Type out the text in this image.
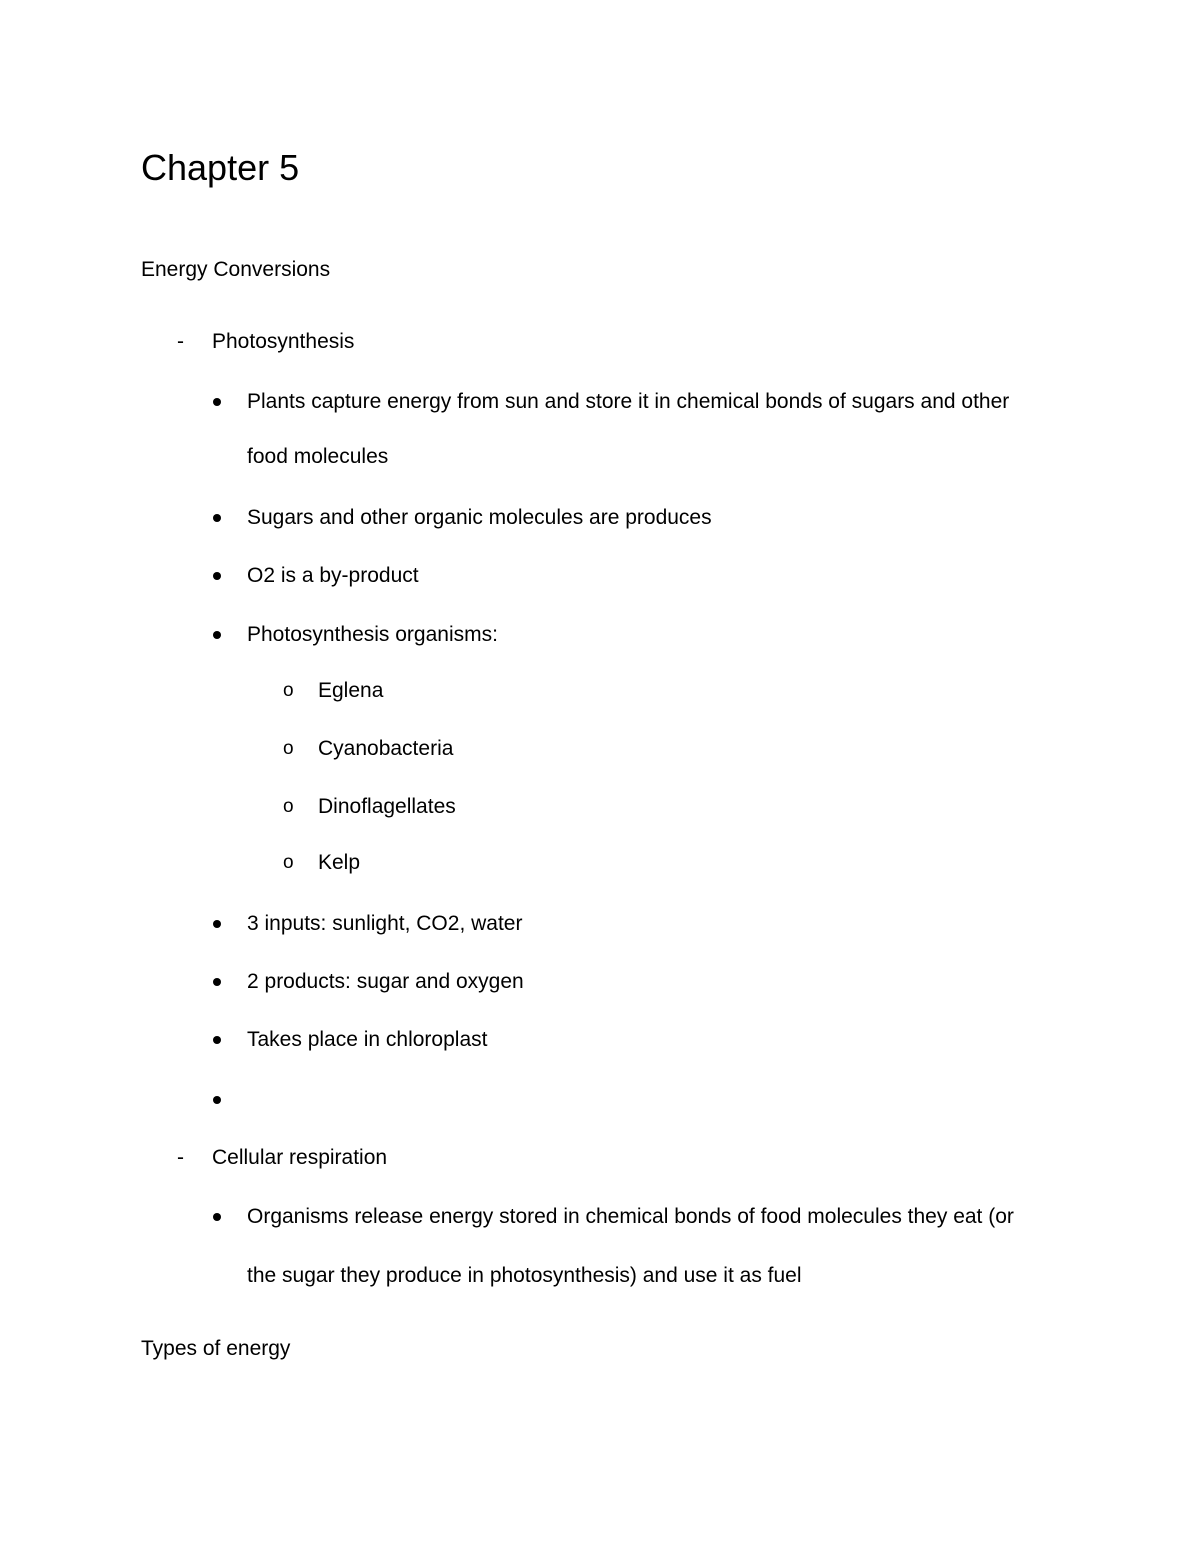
Chapter 5
Energy Conversions
- Photosynthesis
Plants capture energy from sun and store it in chemical bonds of sugars and other
food molecules
Sugars and other organic molecules are produces
O2 is a by-product
Photosynthesis organisms:
o Eglena
o Cyanobacteria
o Dinoflagellates
o Kelp
3 inputs: sunlight, CO2, water
2 products: sugar and oxygen
Takes place in chloroplast
- Cellular respiration
Organisms release energy stored in chemical bonds of food molecules they eat (or
the sugar they produce in photosynthesis) and use it as fuel
Types of energy
